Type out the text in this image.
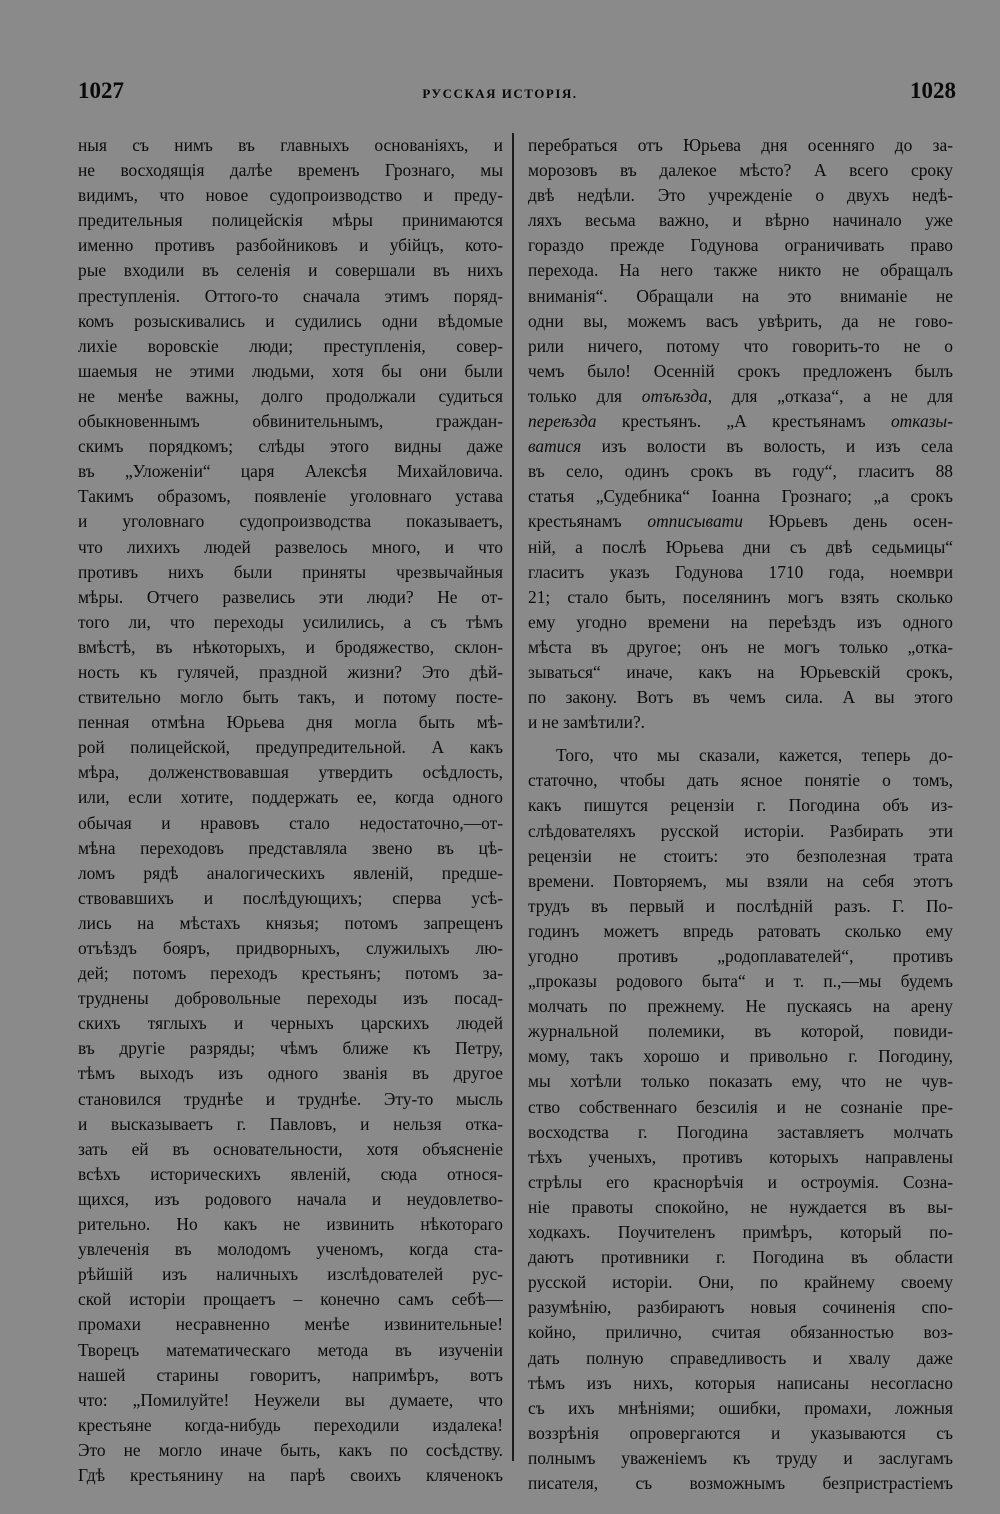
1027	РУССКАЯ ИСТОРІЯ.	1028
ныя съ нимъ въ главныхъ основаніяхъ, и
не восходящія далѣе временъ Грознаго, мы
видимъ, что новое судопроизводство и преду-
предительныя полицейскія мѣры принимаются
именно противъ разбойниковъ и убійцъ, кото-
рые входили въ селенія и совершали въ нихъ
преступленія. Оттого-то сначала этимъ поряд-
комъ розыскивались и судились одни вѣдомые
лихіе воровскіе люди; преступленія, совер-
шаемыя не этими людьми, хотя бы они были
не менѣе важны, долго продолжали судиться
обыкновеннымъ обвинительнымъ, граждан-
скимъ порядкомъ; слѣды этого видны даже
въ „Уложеніи“ царя Алексѣя Михайловича.
Такимъ образомъ, появленіе уголовнаго устава
и уголовнаго судопроизводства показываетъ,
что лихихъ людей развелось много, и что
противъ нихъ были приняты чрезвычайныя
мѣры. Отчего развелись эти люди? Не от-
того ли, что переходы усилились, а съ тѣмъ
вмѣстѣ, въ нѣкоторыхъ, и бродяжество, склон-
ность къ гулячей, праздной жизни? Это дѣй-
ствительно могло быть такъ, и потому посте-
пенная отмѣна Юрьева дня могла быть мѣ-
рой полицейской, предупредительной. А какъ
мѣра, долженствовавшая утвердить осѣдлость,
или, если хотите, поддержать ее, когда одного
обычая и нравовъ стало недостаточно,—от-
мѣна переходовъ представляла звено въ цѣ-
ломъ рядѣ аналогическихъ явленій, предше-
ствовавшихъ и послѣдующихъ; сперва усѣ-
лись на мѣстахъ князья; потомъ запрещенъ
отъѣздъ бояръ, придворныхъ, служилыхъ лю-
дей; потомъ переходъ крестьянъ; потомъ за-
труднены добровольные переходы изъ посад-
скихъ тяглыхъ и черныхъ царскихъ людей
въ другіе разряды; чѣмъ ближе къ Петру,
тѣмъ выходъ изъ одного званія въ другое
становился труднѣе и труднѣе. Эту-то мысль
и высказываетъ г. Павловъ, и нельзя отка-
зать ей въ основательности, хотя объясненіе
всѣхъ историческихъ явленій, сюда относя-
щихся, изъ родового начала и неудовлетво-
рительно. Но какъ не извинить нѣкотораго
увлеченія въ молодомъ ученомъ, когда ста-
рѣйшій изъ наличныхъ изслѣдователей рус-
ской исторіи прощаетъ – конечно самъ себѣ—
промахи несравненно менѣе извинительные!
Творецъ математическаго метода въ изученіи
нашей старины говоритъ, напримѣръ, вотъ
что: „Помилуйте! Неужели вы думаете, что
крестьяне когда-нибудь переходили издалека!
Это не могло иначе быть, какъ по сосѣдству.
Гдѣ крестьянину на парѣ своихъ кляченокъ
перебраться отъ Юрьева дня осенняго до за-
морозовъ въ далекое мѣсто? А всего сроку
двѣ недѣли. Это учрежденіе о двухъ недѣ-
ляхъ весьма важно, и вѣрно начинало уже
гораздо прежде Годунова ограничивать право
перехода. На него также никто не обращалъ
вниманія“. Обращали на это вниманіе не
одни вы, можемъ васъ увѣрить, да не гово-
рили ничего, потому что говорить-то не о
чемъ было! Осенній срокъ предложенъ былъ
только для отъѣзда, для „отказа“, а не для
переѣзда крестьянъ. „А крестьянамъ отказы-
ватися изъ волости въ волость, и изъ села
въ село, одинъ срокъ въ году“, гласитъ 88
статья „Судебника“ Іоанна Грознаго; „а срокъ
крестьянамъ отписывати Юрьевъ день осен-
ній, а послѣ Юрьева дни съ двѣ седьмицы“
гласитъ указъ Годунова 1710 года, ноември
21; стало быть, поселянинъ могъ взять сколько
ему угодно времени на переѣздъ изъ одного
мѣста въ другое; онъ не могъ только „отка-
зываться“ иначе, какъ на Юрьевскій срокъ,
по закону. Вотъ въ чемъ сила. А вы этого
и не замѣтили?.
Того, что мы сказали, кажется, теперь до-
статочно, чтобы дать ясное понятіе о томъ,
какъ пишутся рецензіи г. Погодина объ из-
слѣдователяхъ русской исторіи. Разбирать эти
рецензіи не стоитъ: это безполезная трата
времени. Повторяемъ, мы взяли на себя этотъ
трудъ въ первый и послѣдній разъ. Г. По-
годинъ можетъ впредь ратовать сколько ему
угодно противъ „родоплавателей“, противъ
„проказы родового быта“ и т. п.,—мы будемъ
молчать по прежнему. Не пускаясь на арену
журнальной полемики, въ которой, повиди-
мому, такъ хорошо и привольно г. Погодину,
мы хотѣли только показать ему, что не чув-
ство собственнаго безсилія и не сознаніе пре-
восходства г. Погодина заставляетъ молчать
тѣхъ ученыхъ, противъ которыхъ направлены
стрѣлы его краснорѣчія и остроумія. Созна-
ніе правоты спокойно, не нуждается въ вы-
ходкахъ. Поучителенъ примѣръ, который по-
даютъ противники г. Погодина въ области
русской исторіи. Они, по крайнему своему
разумѣнію, разбираютъ новыя сочиненія спо-
койно, прилично, считая обязанностью воз-
дать полную справедливость и хвалу даже
тѣмъ изъ нихъ, которыя написаны несогласно
съ ихъ мнѣніями; ошибки, промахи, ложныя
воззрѣнія опровергаются и указываются съ
полнымъ уваженіемъ къ труду и заслугамъ
писателя, съ возможнымъ безпристрастіемъ
